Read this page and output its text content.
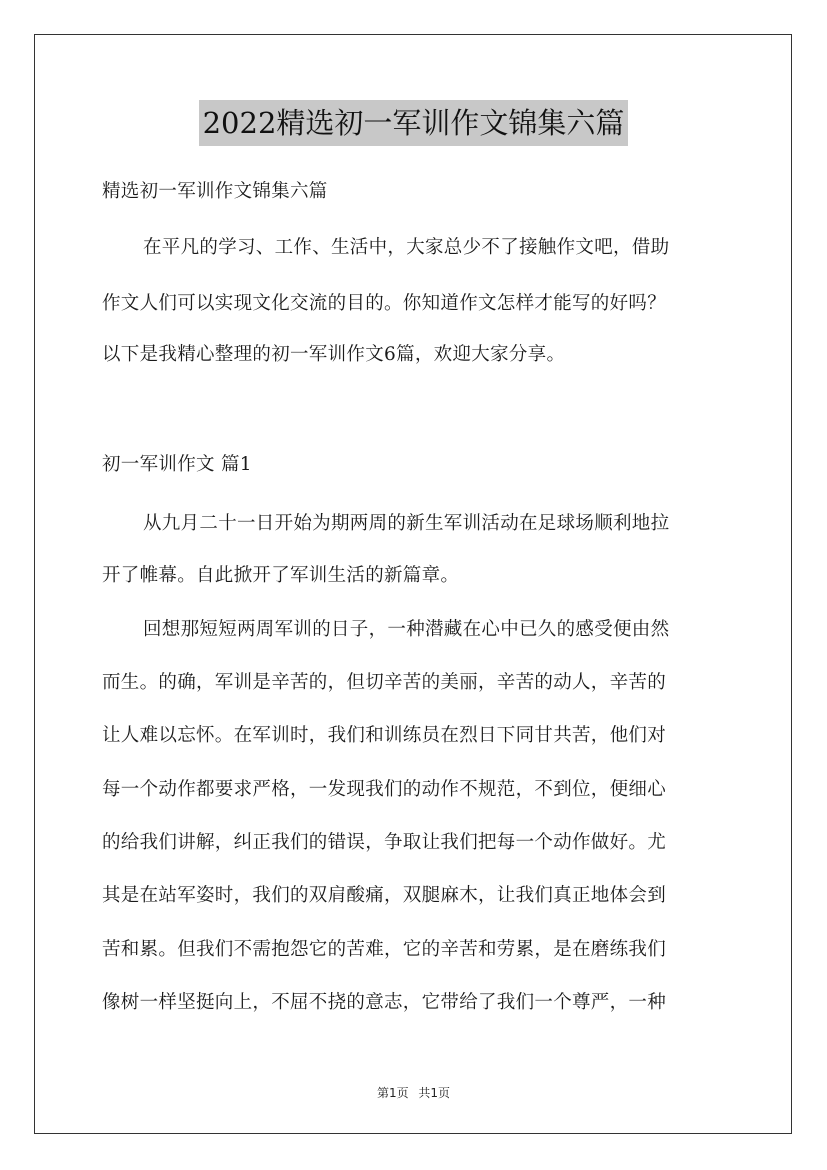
2022精选初一军训作文锦集六篇
精选初一军训作文锦集六篇
在平凡的学习、工作、生活中，大家总少不了接触作文吧，借助
作文人们可以实现文化交流的目的。你知道作文怎样才能写的好吗？
以下是我精心整理的初一军训作文6篇，欢迎大家分享。
初一军训作文 篇1
从九月二十一日开始为期两周的新生军训活动在足球场顺利地拉
开了帷幕。自此掀开了军训生活的新篇章。
回想那短短两周军训的日子，一种潜藏在心中已久的感受便由然
而生。的确，军训是辛苦的，但切辛苦的美丽，辛苦的动人，辛苦的
让人难以忘怀。在军训时，我们和训练员在烈日下同甘共苦，他们对
每一个动作都要求严格，一发现我们的动作不规范，不到位，便细心
的给我们讲解，纠正我们的错误，争取让我们把每一个动作做好。尤
其是在站军姿时，我们的双肩酸痛，双腿麻木，让我们真正地体会到
苦和累。但我们不需抱怨它的苦难，它的辛苦和劳累，是在磨练我们
像树一样坚挺向上，不屈不挠的意志，它带给了我们一个尊严，一种
第1页 共1页
